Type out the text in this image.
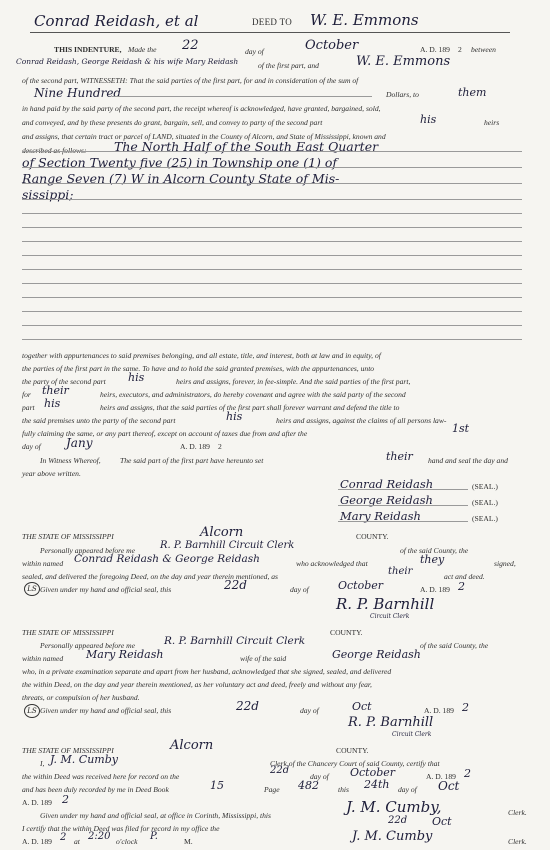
Conrad Reidash, et al	DEED TO W. E. Emmons
THIS INDENTURE, Made the 22	day of	October	A. D. 189 2 between
Conrad Reidash, George Reidash & his wife Mary Reidash	of the first part, and	W. E. Emmons
of the second part, WITNESSETH: That the said parties of the first part, for and in consideration of the sum of
Nine Hundred	Dollars, to	them
in hand paid by the said party of the second part, the receipt whereof is acknowledged, have granted, bargained, sold,
and conveyed, and by these presents do grant, bargain, sell, and convey to party of the second part	his	heirs
and assigns, that certain tract or parcel of LAND, situated in the County of Alcorn, and State of Mississippi, known and
described as follows: The North Half of the South East Quarter
of Section Twenty five (25) in Township one (1) of
Range Seven (7) W in Alcorn County State of Mis-
sissippi;
together with appurtenances to said premises belonging, and all estate, title, and interest, both at law and in equity, of
the parties of the first part in the same. To have and to hold the said granted premises, with the appurtenances, unto
the party of the second part his	heirs and assigns, forever, in fee-simple. And the said parties of the first part,
for their	heirs, executors, and administrators, do hereby covenant and agree with the said party of the second
part his	heirs and assigns, that the said parties of the first part shall forever warrant and defend the title to
the said premises unto the party of the second part	his	heirs and assigns, against the claims of all persons law-
fully claiming the same, or any part thereof, except on account of taxes due from and after the	1st
day of Jany	A. D. 189 2
In Witness Whereof,	The said part of the first part have hereunto set	their hand and seal the day and
year above written.
Conrad Reidash	(SEAL.)
George Reidash	(SEAL.)
Mary Reidash	(SEAL.)
THE STATE OF MISSISSIPPI	Alcorn	COUNTY.
Personally appeared before me	R. P. Barnhill Circuit Clerk	of the said County, the
within named Conrad Reidash & George Reidash	who acknowledged that	they	signed,
sealed, and delivered the foregoing Deed, on the day and year therein mentioned, as	their	act and deed.
Given under my hand and official seal, this	22d	day of	October	A. D. 189 2
LS
R. P. Barnhill
Circuit Clerk
THE STATE OF MISSISSIPPI	COUNTY.
Personally appeared before me	R. P. Barnhill Circuit Clerk	of the said County, the
within named Mary Reidash	wife of the said	George Reidash
who, in a private examination separate and apart from her husband, acknowledged that she signed, sealed, and delivered
the within Deed, on the day and year therein mentioned, as her voluntary act and deed, freely and without any fear,
threats, or compulsion of her husband.
Given under my hand and official seal, this	22d	day of	Oct	A. D. 189 2
LS
R. P. Barnhill
Circuit Clerk
THE STATE OF MISSISSIPPI	Alcorn	COUNTY.
I, J. M. Cumby	Clerk of the Chancery Court of said County, certify that
the within Deed was received here for record on the
22d
day of October	A. D. 189 2
and has been duly recorded by me in Deed Book	15	Page 482	this 24th day of Oct
A. D. 189 2
Given under my hand and official seal, at office in Corinth, Mississippi, this	J. M. Cumby,	Clerk.
I certify that the within Deed was filed for record in my office the
22d Oct
A. D. 189 2 at 2:20 o'clock P.	M.	J. M. Cumby	Clerk.
